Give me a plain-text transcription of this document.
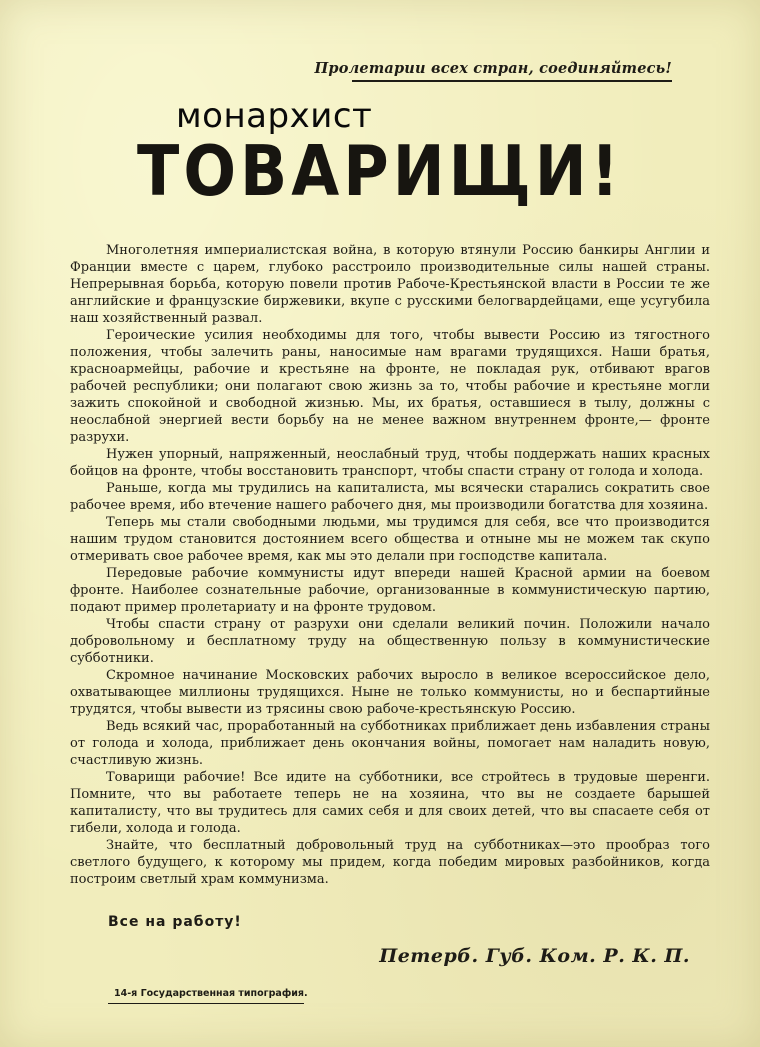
Пролетарии всех стран, соединяйтесь!
ТОВАРИЩИ!

Многолетняя империалистская война, в которую втянули Россию банкиры Англии и Франции вместе с царем, глубоко расстроило производительные силы нашей страны. Непрерывная борьба, которую повели против Рабоче-Крестьянской власти в России те же английские и французские биржевики, вкупе с русскими белогвардейцами, еще усугубила наш хозяйственный развал.

Героические усилия необходимы для того, чтобы вывести Россию из тягостного положения, чтобы залечить раны, наносимые нам врагами трудящихся. Наши братья, красноармейцы, рабочие и крестьяне на фронте, не покладая рук, отбивают врагов рабочей республики; они полагают свою жизнь за то, чтобы рабочие и крестьяне могли зажить спокойной и свободной жизнью. Мы, их братья, оставшиеся в тылу, должны с неослабной энергией вести борьбу на не менее важном внутреннем фронте,— фронте разрухи.

Нужен упорный, напряженный, неослабный труд, чтобы поддержать наших красных бойцов на фронте, чтобы восстановить транспорт, чтобы спасти страну от голода и холода.

Раньше, когда мы трудились на капиталиста, мы всячески старались сократить свое рабочее время, ибо втечение нашего рабочего дня, мы производили богатства для хозяина.

Теперь мы стали свободными людьми, мы трудимся для себя, все что производится нашим трудом становится достоянием всего общества и отныне мы не можем так скупо отмеривать свое рабочее время, как мы это делали при господстве капитала.

Передовые рабочие коммунисты идут впереди нашей Красной армии на боевом фронте. Наиболее сознательные рабочие, организованные в коммунистическую партию, подают пример пролетариату и на фронте трудовом.

Чтобы спасти страну от разрухи они сделали великий почин. Положили начало добровольному и бесплатному труду на общественную пользу в коммунистические субботники.

Скромное начинание Московских рабочих выросло в великое всероссийское дело, охватывающее миллионы трудящихся. Ныне не только коммунисты, но и беспартийные трудятся, чтобы вывести из трясины свою рабоче-крестьянскую Россию.

Ведь всякий час, проработанный на субботниках приближает день избавления страны от голода и холода, приближает день окончания войны, помогает нам наладить новую, счастливую жизнь.

Товарищи рабочие! Все идите на субботники, все стройтесь в трудовые шеренги. Помните, что вы работаете теперь не на хозяина, что вы не создаете барышей капиталисту, что вы трудитесь для самих себя и для своих детей, что вы спасаете себя от гибели, холода и голода.

Знайте, что бесплатный добровольный труд на субботниках—это прообраз того светлого будущего, к которому мы придем, когда победим мировых разбойников, когда построим светлый храм коммунизма.

монархист
Все на работу!
Петерб. Губ. Ком. Р. К. П.
14-я Государственная типография.
